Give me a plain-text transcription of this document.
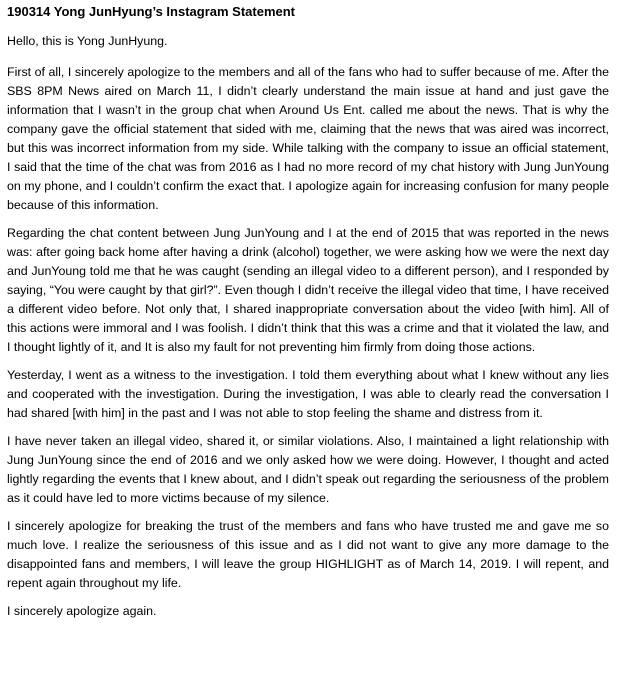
190314 Yong JunHyung’s Instagram Statement

Hello, this is Yong JunHyung.

First of all, I sincerely apologize to the members and all of the fans who had to suffer because of me. After the SBS 8PM News aired on March 11, I didn’t clearly understand the main issue at hand and just gave the information that I wasn’t in the group chat when Around Us Ent. called me about the news. That is why the company gave the official statement that sided with me, claiming that the news that was aired was incorrect, but this was incorrect information from my side. While talking with the company to issue an official statement, I said that the time of the chat was from 2016 as I had no more record of my chat history with Jung JunYoung on my phone, and I couldn’t confirm the exact that. I apologize again for increasing confusion for many people because of this information.

Regarding the chat content between Jung JunYoung and I at the end of 2015 that was reported in the news was: after going back home after having a drink (alcohol) together, we were asking how we were the next day and JunYoung told me that he was caught (sending an illegal video to a different person), and I responded by saying, “You were caught by that girl?”. Even though I didn’t receive the illegal video that time, I have received a different video before. Not only that, I shared inappropriate conversation about the video [with him]. All of this actions were immoral and I was foolish. I didn’t think that this was a crime and that it violated the law, and I thought lightly of it, and It is also my fault for not preventing him firmly from doing those actions.

Yesterday, I went as a witness to the investigation. I told them everything about what I knew without any lies and cooperated with the investigation. During the investigation, I was able to clearly read the conversation I had shared [with him] in the past and I was not able to stop feeling the shame and distress from it.

I have never taken an illegal video, shared it, or similar violations. Also, I maintained a light relationship with Jung JunYoung since the end of 2016 and we only asked how we were doing. However, I thought and acted lightly regarding the events that I knew about, and I didn’t speak out regarding the seriousness of the problem as it could have led to more victims because of my silence.

I sincerely apologize for breaking the trust of the members and fans who have trusted me and gave me so much love. I realize the seriousness of this issue and as I did not want to give any more damage to the disappointed fans and members, I will leave the group HIGHLIGHT as of March 14, 2019. I will repent, and repent again throughout my life.

I sincerely apologize again.
